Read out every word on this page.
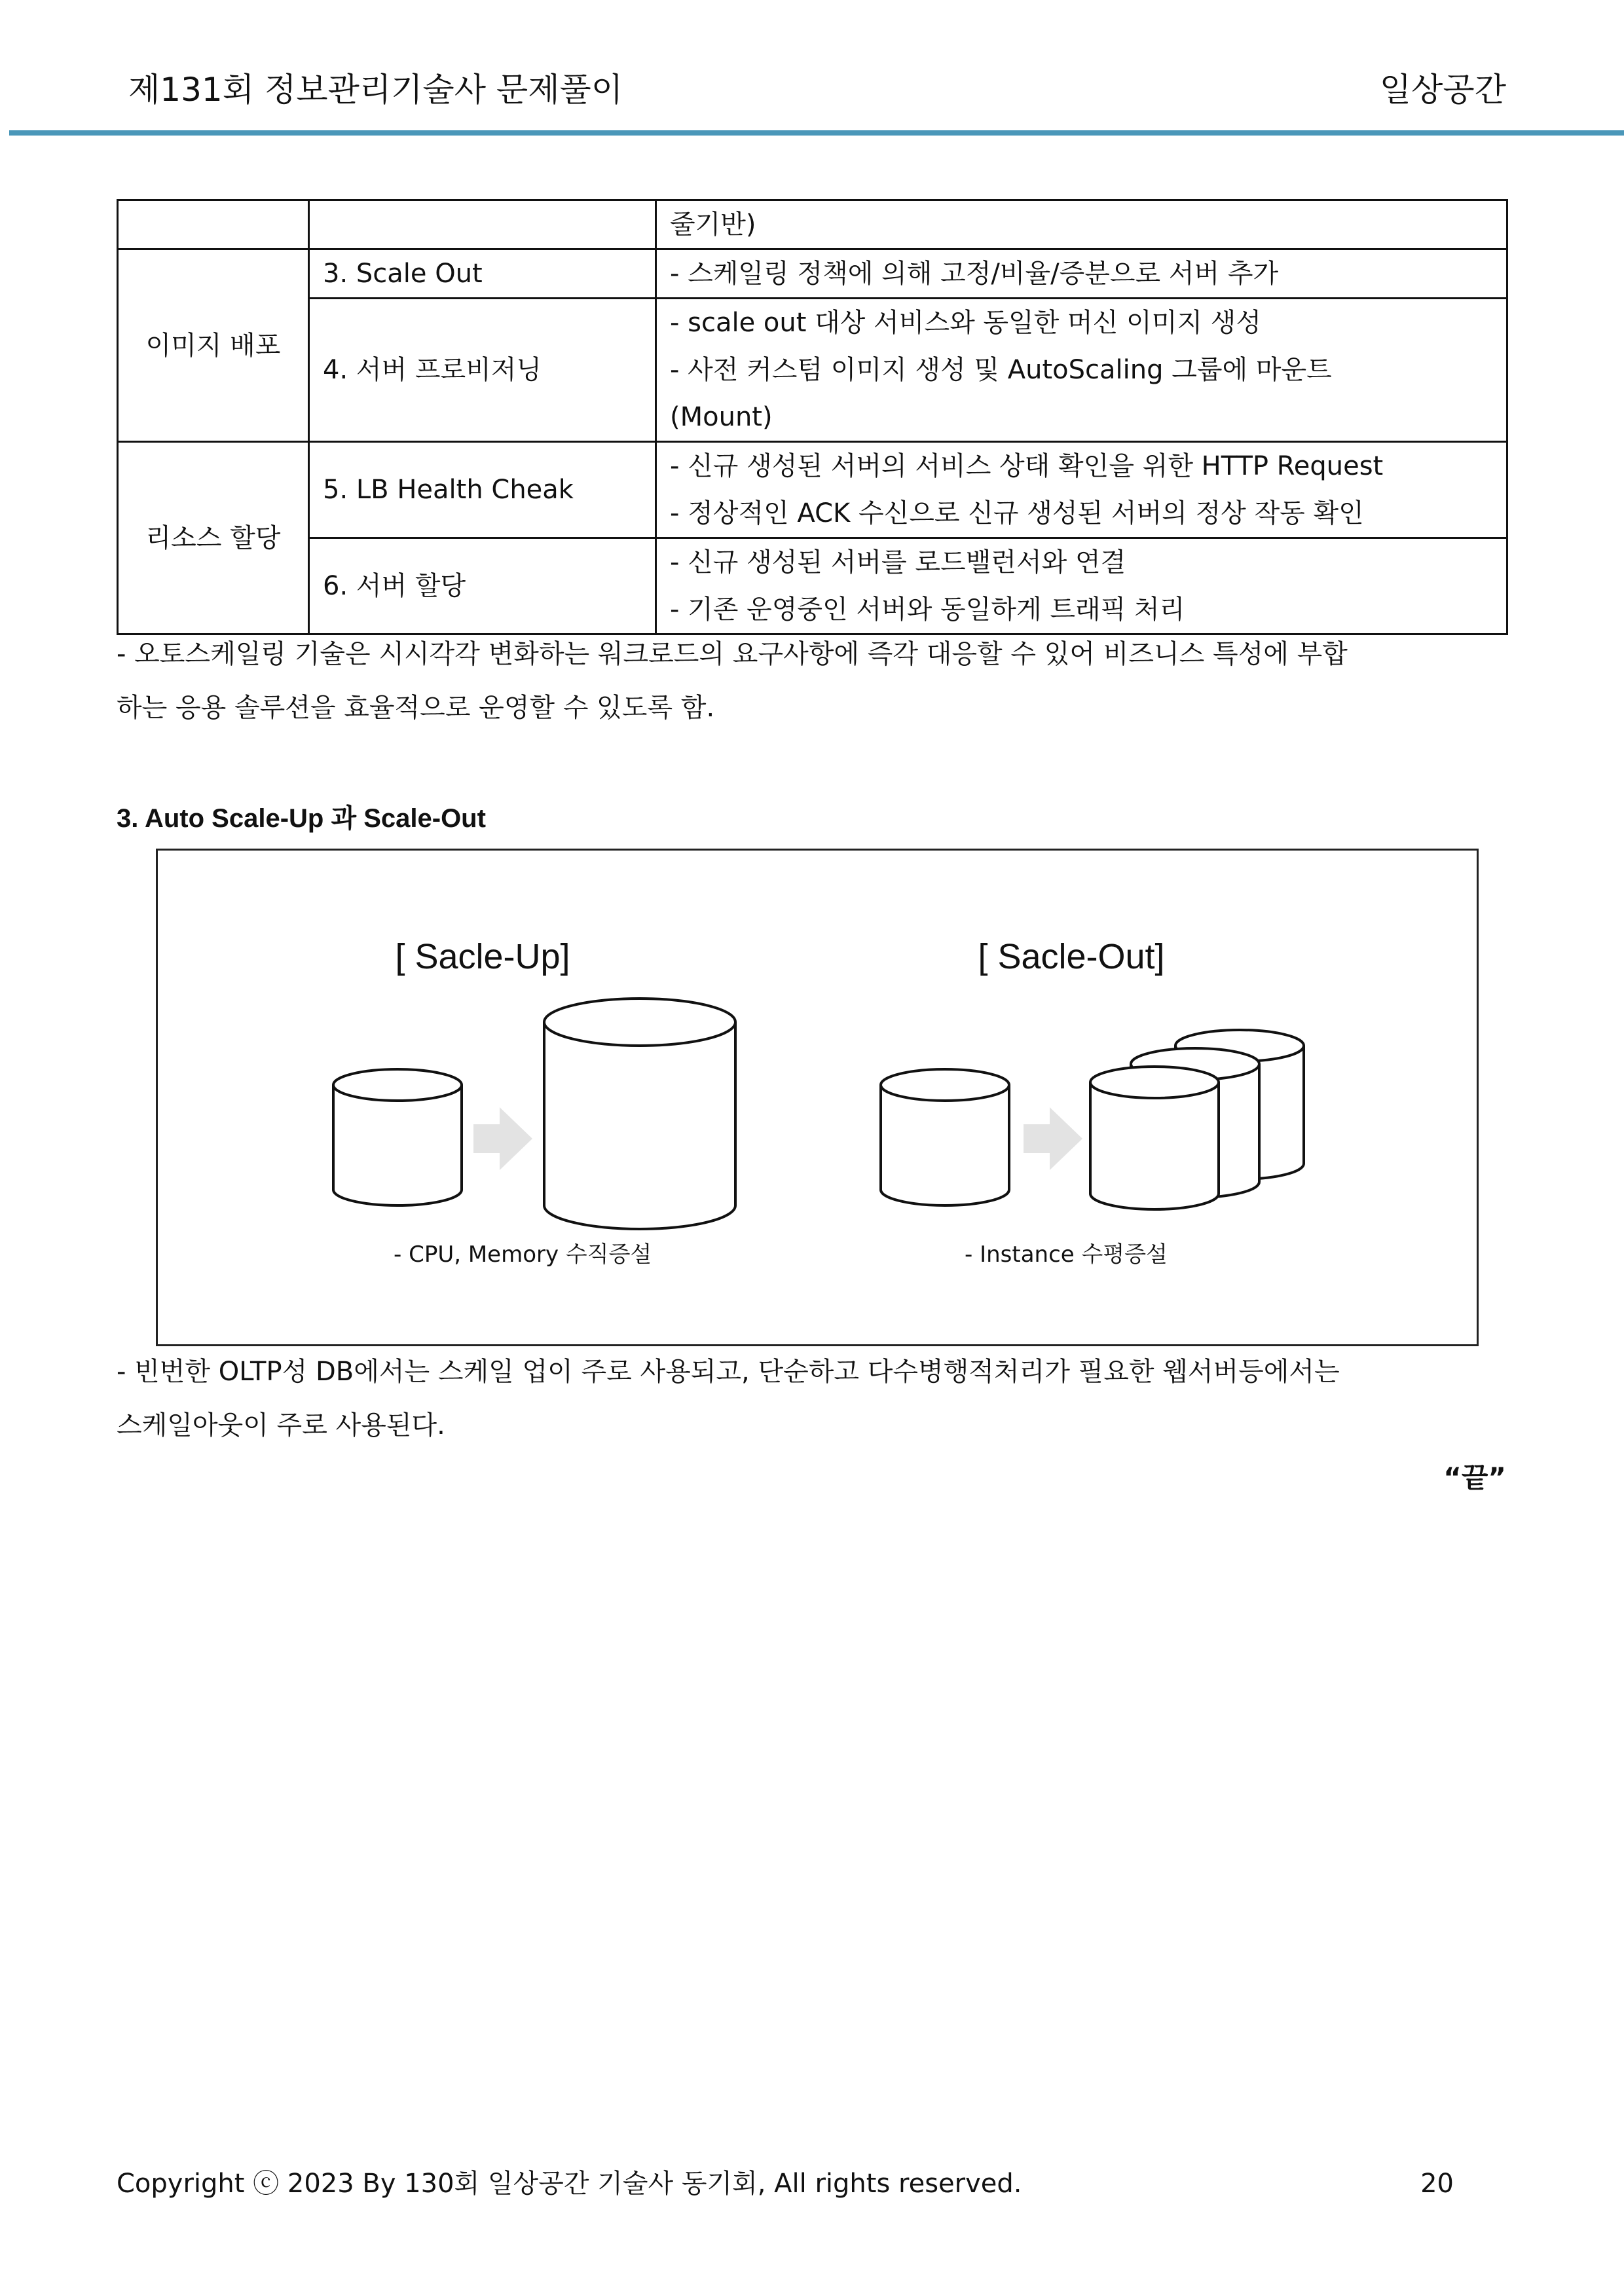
제131회 정보관리기술사 문제풀이	일상공간

		줄기반)

이미지 배포	3. Scale Out	- 스케일링 정책에 의해 고정/비율/증분으로 서버 추가

	4. 서버 프로비저닝	- scale out 대상 서비스와 동일한 머신 이미지 생성
- 사전 커스텀 이미지 생성 및 AutoScaling 그룹에 마운트
(Mount)

리소스 할당	5. LB Health Cheak	- 신규 생성된 서버의 서비스 상태 확인을 위한 HTTP Request
- 정상적인 ACK 수신으로 신규 생성된 서버의 정상 작동 확인

	6. 서버 할당	- 신규 생성된 서버를 로드밸런서와 연결
- 기존 운영중인 서버와 동일하게 트래픽 처리
- 오토스케일링 기술은 시시각각 변화하는 워크로드의 요구사항에 즉각 대응할 수 있어 비즈니스 특성에 부합
하는 응용 솔루션을 효율적으로 운영할 수 있도록 함.
3. Auto Scale-Up 과 Scale-Out
[ Sacle-Up]	[ Sacle-Out]
- CPU, Memory 수직증설	- Instance 수평증설
- 빈번한 OLTP성 DB에서는 스케일 업이 주로 사용되고, 단순하고 다수병행적처리가 필요한 웹서버등에서는
스케일아웃이 주로 사용된다.
“끝”
Copyright ⓒ 2023 By 130회 일상공간 기술사 동기회, All rights reserved.	20
